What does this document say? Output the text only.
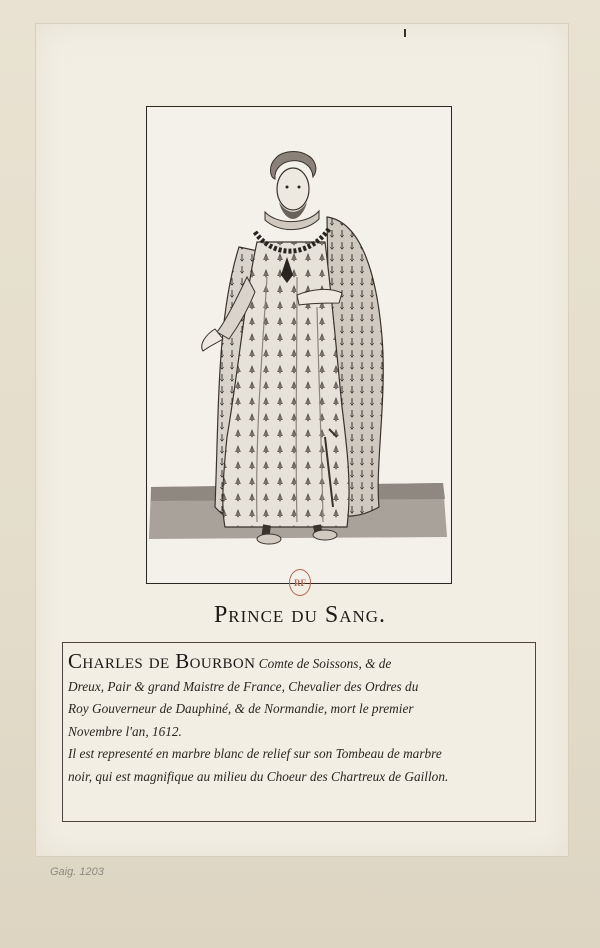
RF
Prince du Sang.
Charles de Bourbon Comte de Soissons, & de
Dreux, Pair & grand Maistre de France, Chevalier des Ordres du
Roy Gouverneur de Dauphiné, & de Normandie, mort le premier
Novembre l'an, 1612.
Il est representé en marbre blanc de relief sur son Tombeau de marbre
noir, qui est magnifique au milieu du Choeur des Chartreux de Gaillon.
Gaig. 1203
